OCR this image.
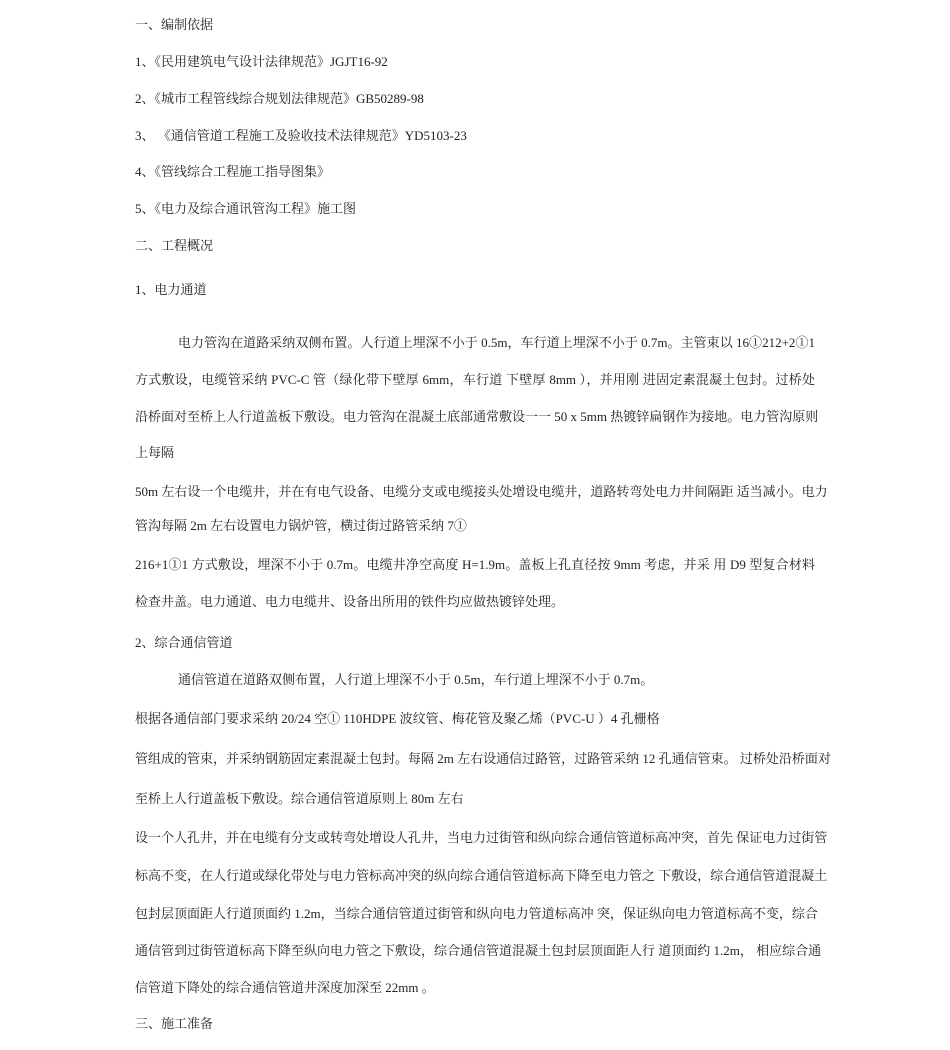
一、编制依据
1、《民用建筑电气设计法律规范》JGJT16-92
2、《城市工程管线综合规划法律规范》GB50289-98
3、 《通信管道工程施工及验收技术法律规范》YD5103-23
4、《管线综合工程施工指导图集》
5、《电力及综合通讯管沟工程》施工图
二、工程概况
1、电力通道
电力管沟在道路采纳双侧布置。人行道上埋深不小于 0.5m，车行道上埋深不小于 0.7m。主管束以 16①212+2①1
方式敷设，电缆管采纳 PVC-C 管（绿化带下壁厚 6mm，车行道 下壁厚 8mm ），并用刚 进固定素混凝土包封。过桥处
沿桥面对至桥上人行道盖板下敷设。电力管沟在混凝土底部通常敷设一一 50 x 5mm 热镀锌扁钢作为接地。电力管沟原则
上每隔
50m 左右设一个电缆井，并在有电气设备、电缆分支或电缆接头处增设电缆井，道路转弯处电力井间隔距 适当减小。电力
管沟每隔 2m 左右设置电力锅炉管，横过街过路管采纳 7①
216+1①1 方式敷设，埋深不小于 0.7m。电缆井净空高度 H=1.9m。盖板上孔直径按 9mm 考虑，并采 用 D9 型复合材料
检查井盖。电力通道、电力电缆井、设备出所用的铁件均应做热镀锌处理。
2、综合通信管道
通信管道在道路双侧布置，人行道上埋深不小于 0.5m，车行道上埋深不小于 0.7m。
根据各通信部门要求采纳 20/24 空① 110HDPE 波纹管、梅花管及聚乙烯（PVC-U ）4 孔栅格
管组成的管束，并采纳钢筋固定素混凝土包封。每隔 2m 左右设通信过路管，过路管采纳 12 孔通信管束。 过桥处沿桥面对
至桥上人行道盖板下敷设。综合通信管道原则上 80m 左右
设一个人孔井，并在电缆有分支或转弯处增设人孔井，当电力过街管和纵向综合通信管道标高冲突，首先 保证电力过街管
标高不变，在人行道或绿化带处与电力管标高冲突的纵向综合通信管道标高下降至电力管之 下敷设，综合通信管道混凝土
包封层顶面距人行道顶面约 1.2m，当综合通信管道过街管和纵向电力管道标高冲 突，保证纵向电力管道标高不变，综合
通信管到过街管道标高下降至纵向电力管之下敷设，综合通信管道混凝土包封层顶面距人行 道顶面约 1.2m， 相应综合通
信管道下降处的综合通信管道井深度加深至 22mm 。
三、施工准备
